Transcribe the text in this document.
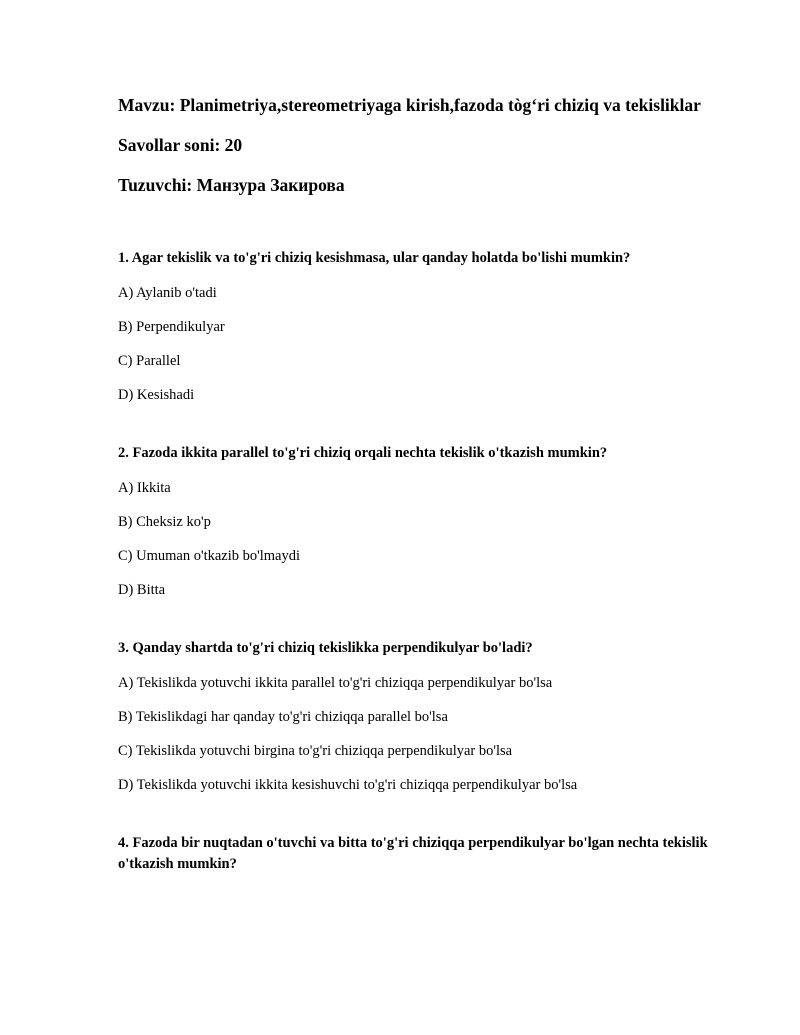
Mavzu: Planimetriya,stereometriyaga kirish,fazoda tòg‘ri chiziq va tekisliklar

Savollar soni: 20

Tuzuvchi: Манзура Закирова

1. Agar tekislik va to'g'ri chiziq kesishmasa, ular qanday holatda bo'lishi mumkin?

A) Aylanib o'tadi

B) Perpendikulyar

C) Parallel

D) Kesishadi

2. Fazoda ikkita parallel to'g'ri chiziq orqali nechta tekislik o'tkazish mumkin?

A) Ikkita

B) Cheksiz ko'p

C) Umuman o'tkazib bo'lmaydi

D) Bitta

3. Qanday shartda to'g'ri chiziq tekislikka perpendikulyar bo'ladi?

A) Tekislikda yotuvchi ikkita parallel to'g'ri chiziqqa perpendikulyar bo'lsa

B) Tekislikdagi har qanday to'g'ri chiziqqa parallel bo'lsa

C) Tekislikda yotuvchi birgina to'g'ri chiziqqa perpendikulyar bo'lsa

D) Tekislikda yotuvchi ikkita kesishuvchi to'g'ri chiziqqa perpendikulyar bo'lsa

4. Fazoda bir nuqtadan o'tuvchi va bitta to'g'ri chiziqqa perpendikulyar bo'lgan nechta tekislik o'tkazish mumkin?
